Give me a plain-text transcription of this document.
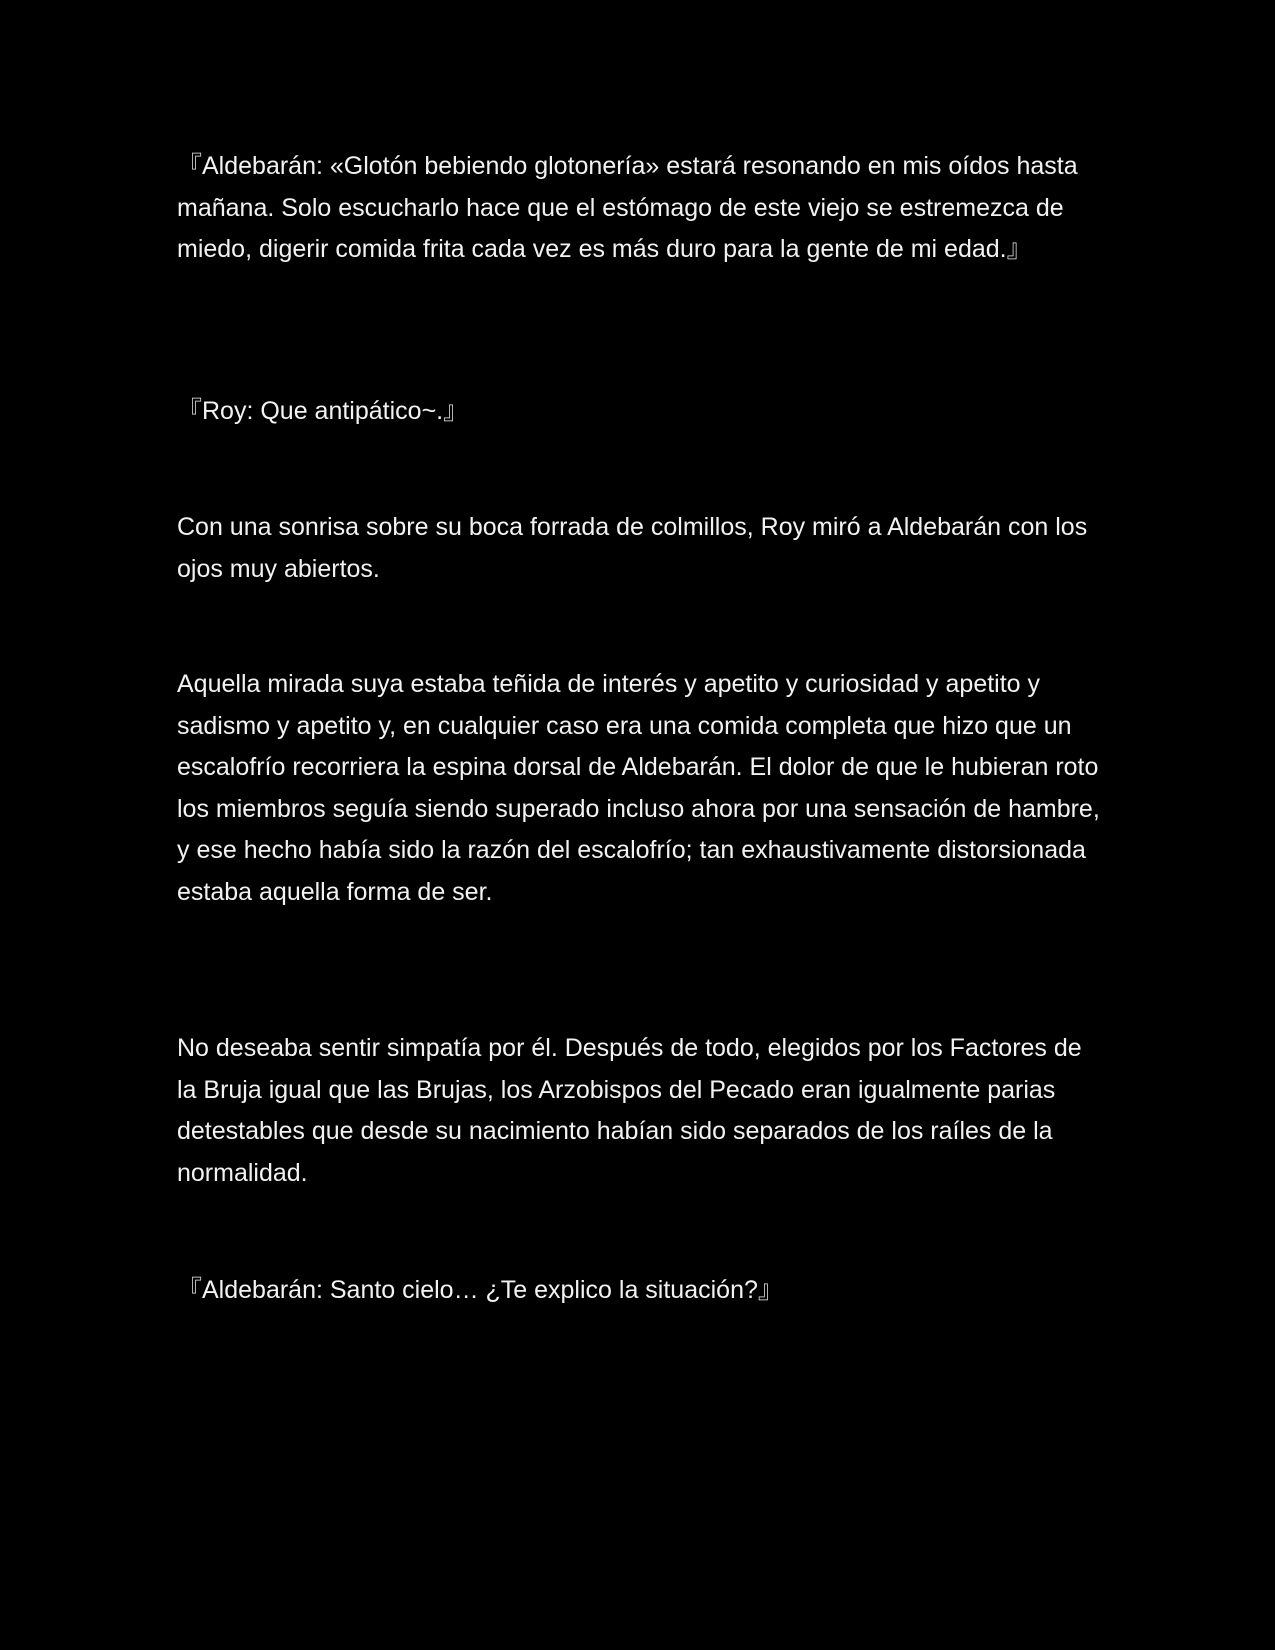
『Aldebarán: «Glotón bebiendo glotonería» estará resonando en mis oídos hasta mañana. Solo escucharlo hace que el estómago de este viejo se estremezca de miedo, digerir comida frita cada vez es más duro para la gente de mi edad.』

『Roy: Que antipático~.』

Con una sonrisa sobre su boca forrada de colmillos, Roy miró a Aldebarán con los ojos muy abiertos.

Aquella mirada suya estaba teñida de interés y apetito y curiosidad y apetito y sadismo y apetito y, en cualquier caso era una comida completa que hizo que un escalofrío recorriera la espina dorsal de Aldebarán. El dolor de que le hubieran roto los miembros seguía siendo superado incluso ahora por una sensación de hambre, y ese hecho había sido la razón del escalofrío; tan exhaustivamente distorsionada estaba aquella forma de ser.

No deseaba sentir simpatía por él. Después de todo, elegidos por los Factores de la Bruja igual que las Brujas, los Arzobispos del Pecado eran igualmente parias detestables que desde su nacimiento habían sido separados de los raíles de la normalidad.

『Aldebarán: Santo cielo… ¿Te explico la situación?』
